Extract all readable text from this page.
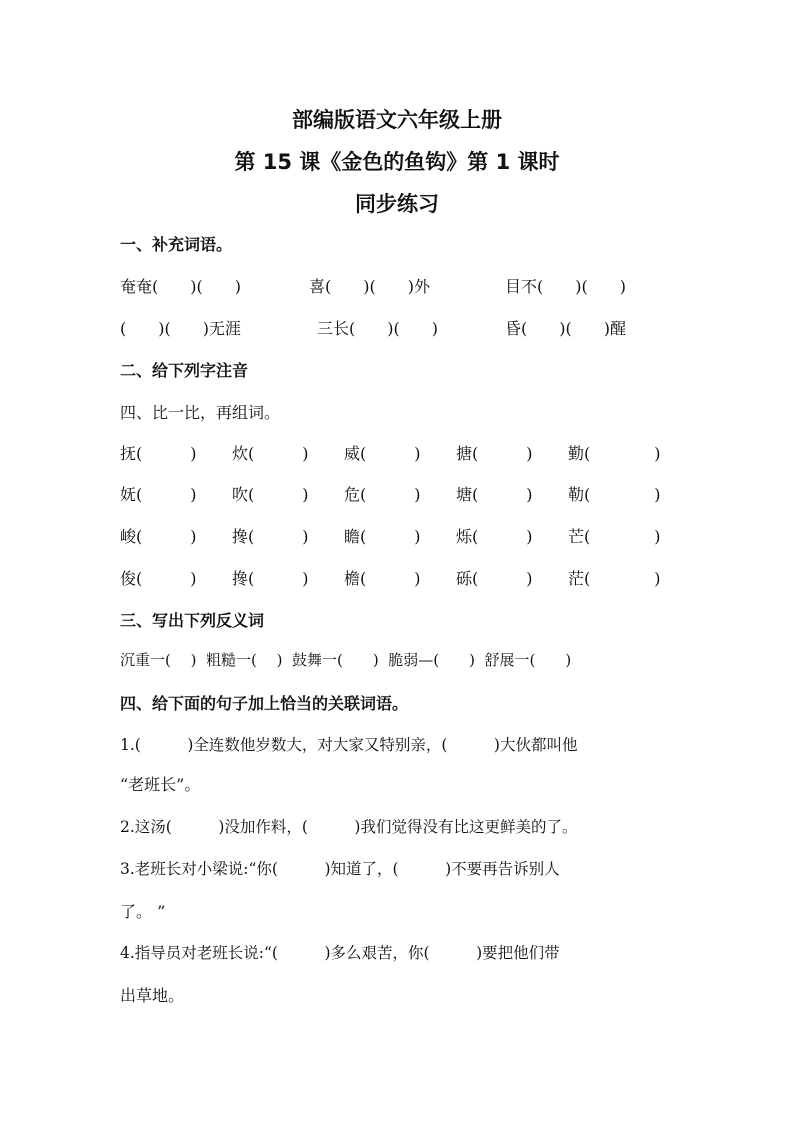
部编版语文六年级上册
第 15 课《金色的鱼钩》第 1 课时
同步练习
一、补充词语。
奄奄(　　)(　　)	喜(　　)(　　)外	目不(　　)(　　)
(　　)(　　)无涯	三长(　　)(　　)	昏(　　)(　　)醒
二、给下列字注音
四、比一比，再组词。
抚(　　　) 炊(　　　) 威(　　　) 搪(　　　) 勤(　　　　)
妩(　　　) 吹(　　　) 危(　　　) 塘(　　　) 勒(　　　　)
峻(　　　) 搀(　　　) 瞻(　　　) 烁(　　　) 芒(　　　　)
俊(　　　) 搀(　　　) 檐(　　　) 砾(　　　) 茫(　　　　)
三、写出下列反义词
沉重一(　 )  粗糙一(　 )  鼓舞一(　　)  脆弱—(　　)  舒展一(　　)
四、给下面的句子加上恰当的关联词语。
1.(　　　)全连数他岁数大，对大家又特别亲，(　　　)大伙都叫他
“老班长”。
2.这汤(　　　)没加作料，(　　　)我们觉得没有比这更鲜美的了。
3.老班长对小梁说:“你(　　　)知道了，(　　　)不要再告诉别人
了。 ”
4.指导员对老班长说:“(　　　)多么艰苦，你(　　　)要把他们带
出草地。
